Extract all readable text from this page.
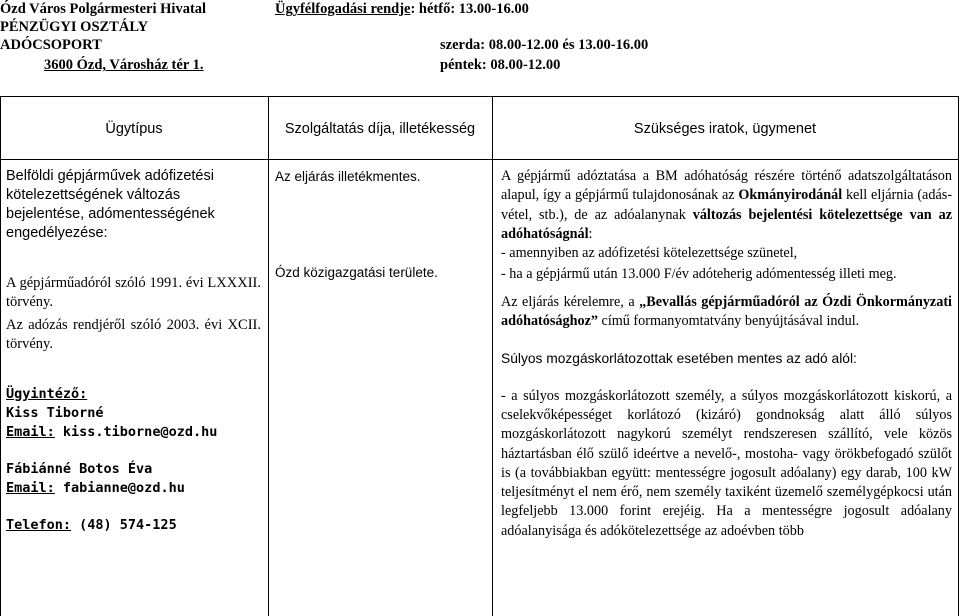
Ózd Város Polgármesteri Hivatal
PÉNZÜGYI OSZTÁLY
ADÓCSOPORT
3600 Ózd, Városház tér 1.
Ügyfélfogadási rendje: hétfő: 13.00-16.00
szerda: 08.00-12.00 és 13.00-16.00
péntek: 08.00-12.00
Ügytípus	Szolgáltatás díja, illetékesség	Szükséges iratok, ügymenet

Belföldi gépjárművek adófizetési kötelezettségének változás bejelentése, adómentességének engedélyezése:

A gépjárműadóról szóló 1991. évi LXXXII. törvény.

Az adózás rendjéről szóló 2003. évi XCII. törvény.

Ügyintéző:

Kiss Tiborné

Email: kiss.tiborne@ozd.hu

Fábiánné Botos Éva

Email: fabianne@ozd.hu

Telefon: (48) 574-125

Az eljárás illetékmentes.

Ózd közigazgatási területe.

A gépjármű adóztatása a BM adóhatóság részére történő adatszolgáltatáson alapul, így a gépjármű tulajdonosának az Okmányirodánál kell eljárnia (adás-vétel, stb.), de az adóalanynak változás bejelentési kötelezettsége van az adóhatóságnál:

- amennyiben az adófizetési kötelezettsége szünetel,

- ha a gépjármű után 13.000 F/év adóteherig adómentesség illeti meg.

Az eljárás kérelemre, a „Bevallás gépjárműadóról az Ózdi Önkormányzati adóhatósághoz” című formanyomtatvány benyújtásával indul.

Súlyos mozgáskorlátozottak esetében mentes az adó alól:

- a súlyos mozgáskorlátozott személy, a súlyos mozgáskorlátozott kiskorú, a cselekvőképességet korlátozó (kizáró) gondnokság alatt álló súlyos mozgáskorlátozott nagykorú személyt rendszeresen szállító, vele közös háztartásban élő szülő ideértve a nevelő-, mostoha- vagy örökbefogadó szülőt is (a továbbiakban együtt: mentességre jogosult adóalany) egy darab, 100 kW teljesítményt el nem érő, nem személy taxiként üzemelő személygépkocsi után legfeljebb 13.000 forint erejéig. Ha a mentességre jogosult adóalany adóalanyisága és adókötelezettsége az adoévben több
